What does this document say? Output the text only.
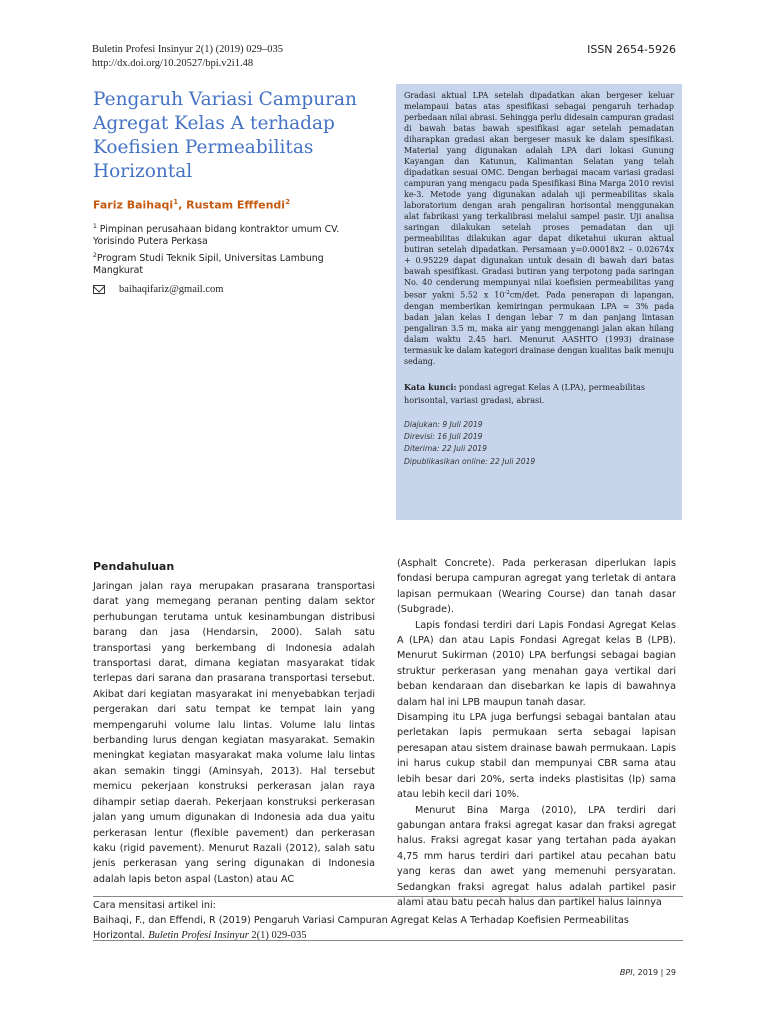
Buletin Profesi Insinyur 2(1) (2019) 029–035
http://dx.doi.org/10.20527/bpi.v2i1.48
ISSN 2654-5926
Pengaruh Variasi Campuran
Agregat Kelas A terhadap
Koefisien Permeabilitas
Horizontal
Fariz Baihaqi$^1$, Rustam Efffendi$^2$
$^1$ Pimpinan perusahaan bidang kontraktor umum CV. Yorisindo Putera Perkasa
$^2$Program Studi Teknik Sipil, Universitas Lambung Mangkurat
baihaqifariz@gmail.com
Gradasi aktual LPA setelah dipadatkan akan bergeser keluar melampaui batas atas spesifikasi sebagai pengaruh terhadap perbedaan nilai abrasi. Sehingga perlu didesain campuran gradasi di bawah batas bawah spesifikasi agar setelah pemadatan diharapkan gradasi akan bergeser masuk ke dalam spesifikasi. Material yang digunakan adalah LPA dari lokasi Gunung Kayangan dan Katunun, Kalimantan Selatan yang telah dipadatkan sesuai OMC. Dengan berbagai macam variasi gradasi campuran yang mengacu pada Spesifikasi Bina Marga 2010 revisi ke-3. Metode yang digunakan adalah uji permeabilitas skala laboratorium dengan arah pengaliran horisontal menggunakan alat fabrikasi yang terkalibrasi melalui sampel pasir. Uji analisa saringan dilakukan setelah proses pemadatan dan uji permeabilitas dilakukan agar dapat diketahui ukuran aktual butiran setelah dipadatkan. Persamaan y=0.00018x2 – 0.02674x + 0.95229 dapat digunakan untuk desain di bawah dari batas bawah spesifikasi. Gradasi butiran yang terpotong pada saringan No. 40 cenderung mempunyai nilai koefisien permeabilitas yang besar yakni 5.52 x $10^{-2}cm/\det$. Pada penerapan di lapangan, dengan memberikan kemiringan permukaan LPA = 3% pada badan jalan kelas I dengan lebar 7 m dan panjang lintasan pengaliran 3.5 m, maka air yang menggenangi jalan akan hilang dalam waktu 2.45 hari. Menurut AASHTO (1993) drainase termasuk ke dalam kategori drainase dengan kualitas baik menuju sedang.
Kata kunci: pondasi agregat Kelas A (LPA), permeabilitas horisontal, variasi gradasi, abrasi.
Diajukan: 9 Juli 2019
Direvisi: 16 Juli 2019
Diterima: 22 Juli 2019
Dipublikasikan online: 22 Juli 2019
Pendahuluan

Jaringan jalan raya merupakan prasarana transportasi darat yang memegang peranan penting dalam sektor perhubungan terutama untuk kesinambungan distribusi barang dan jasa (Hendarsin, 2000). Salah satu transportasi yang berkembang di Indonesia adalah transportasi darat, dimana kegiatan masyarakat tidak terlepas dari sarana dan prasarana transportasi tersebut. Akibat dari kegiatan masyarakat ini menyebabkan terjadi pergerakan dari satu tempat ke tempat lain yang mempengaruhi volume lalu lintas. Volume lalu lintas berbanding lurus dengan kegiatan masyarakat. Semakin meningkat kegiatan masyarakat maka volume lalu lintas akan semakin tinggi (Aminsyah, 2013). Hal tersebut memicu pekerjaan konstruksi perkerasan jalan raya dihampir setiap daerah. Pekerjaan konstruksi perkerasan jalan yang umum digunakan di Indonesia ada dua yaitu perkerasan lentur (flexible pavement) dan perkerasan kaku (rigid pavement). Menurut Razali (2012), salah satu jenis perkerasan yang sering digunakan di Indonesia adalah lapis beton aspal (Laston) atau AC

(Asphalt Concrete). Pada perkerasan diperlukan lapis fondasi berupa campuran agregat yang terletak di antara lapisan permukaan (Wearing Course) dan tanah dasar (Subgrade).

Lapis fondasi terdiri dari Lapis Fondasi Agregat Kelas A (LPA) dan atau Lapis Fondasi Agregat kelas B (LPB). Menurut Sukirman (2010) LPA berfungsi sebagai bagian struktur perkerasan yang menahan gaya vertikal dari beban kendaraan dan disebarkan ke lapis di bawahnya dalam hal ini LPB maupun tanah dasar.

Disamping itu LPA juga berfungsi sebagai bantalan atau perletakan lapis permukaan serta sebagai lapisan peresapan atau sistem drainase bawah permukaan. Lapis ini harus cukup stabil dan mempunyai CBR sama atau lebih besar dari 20%, serta indeks plastisitas (Ip) sama atau lebih kecil dari 10%.

Menurut Bina Marga (2010), LPA terdiri dari gabungan antara fraksi agregat kasar dan fraksi agregat halus. Fraksi agregat kasar yang tertahan pada ayakan 4,75 mm harus terdiri dari partikel atau pecahan batu yang keras dan awet yang memenuhi persyaratan. Sedangkan fraksi agregat halus adalah partikel pasir alami atau batu pecah halus dan partikel halus lainnya

Cara mensitasi artikel ini:
Baihaqi, F., dan Effendi, R (2019) Pengaruh Variasi Campuran Agregat Kelas A Terhadap Koefisien Permeabilitas
Horizontal. Buletin Profesi Insinyur 2(1) 029-035
BPI, 2019 | 29
